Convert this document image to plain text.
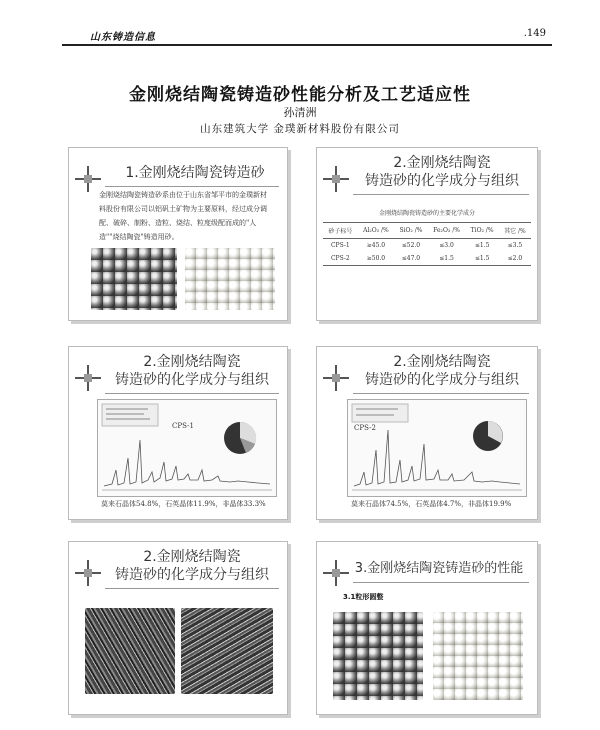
山东铸造信息	.149
金刚烧结陶瓷铸造砂性能分析及工艺适应性
孙清洲
山东建筑大学 金璞新材料股份有限公司
1.金刚烧结陶瓷铸造砂
金刚烧结陶瓷铸造砂系由位于山东省邹平市的金璞新材料股份有限公司以铝矾土矿物为主要原料，经过成分调配、破碎、制粉、造粒、烧结、粒度级配而成的"人造""烧结陶瓷"铸造用砂。
2.金刚烧结陶瓷
铸造砂的化学成分与组织
金刚烧结陶瓷铸造砂的主要化学成分
砂子标号	Al₂O₃ /%	SiO₂ /%	Fe₂O₃ /%	TiO₂ /%	其它 /%
CPS-1	≥45.0	≤52.0	≤3.0	≤1.5	≤3.5
CPS-2	≥50.0	≤47.0	≤1.5	≤1.5	≤2.0
2.金刚烧结陶瓷
铸造砂的化学成分与组织
CPS-1
莫来石晶体54.8%，石英晶体11.9%，非晶体33.3%
2.金刚烧结陶瓷
铸造砂的化学成分与组织
CPS-2
莫来石晶体74.5%，石英晶体4.7%，非晶体19.9%
2.金刚烧结陶瓷
铸造砂的化学成分与组织	3.金刚烧结陶瓷铸造砂的性能
3.1粒形圆整
